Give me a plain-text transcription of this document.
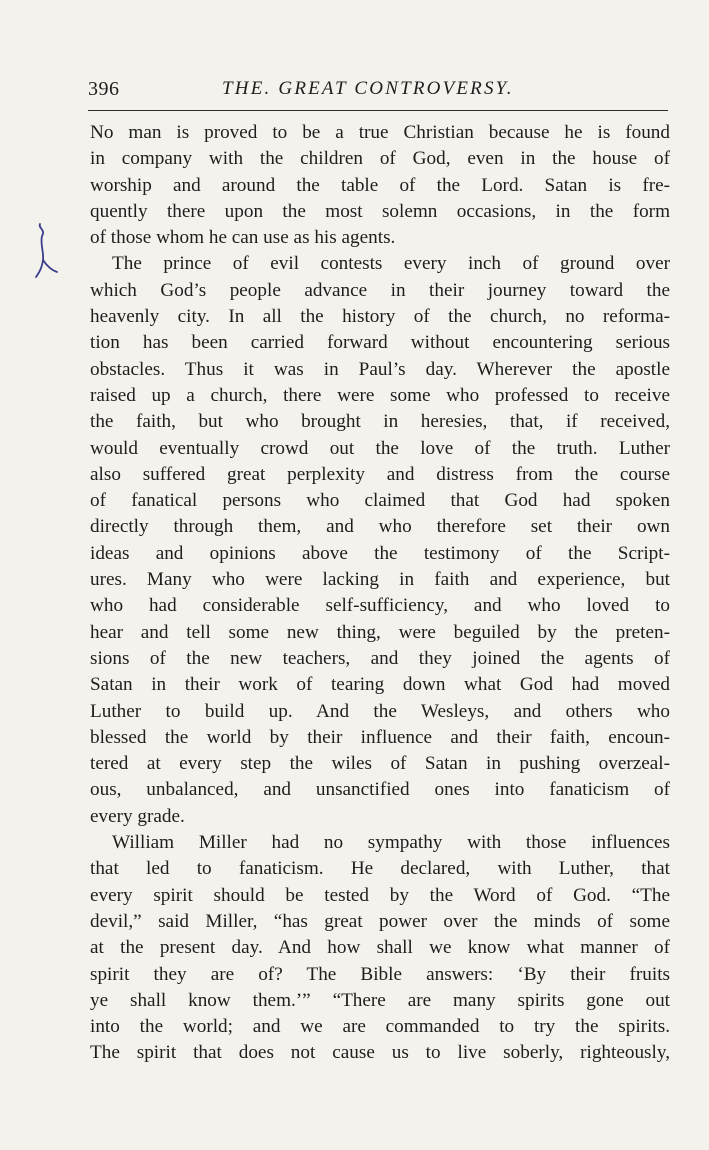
396	THE. GREAT CONTROVERSY.
No man is proved to be a true Christian because he is found
in company with the children of God, even in the house of
worship and around the table of the Lord. Satan is fre-
quently there upon the most solemn occasions, in the form
of those whom he can use as his agents.
The prince of evil contests every inch of ground over
which God’s people advance in their journey toward the
heavenly city. In all the history of the church, no reforma-
tion has been carried forward without encountering serious
obstacles. Thus it was in Paul’s day. Wherever the apostle
raised up a church, there were some who professed to receive
the faith, but who brought in heresies, that, if received,
would eventually crowd out the love of the truth. Luther
also suffered great perplexity and distress from the course
of fanatical persons who claimed that God had spoken
directly through them, and who therefore set their own
ideas and opinions above the testimony of the Script-
ures. Many who were lacking in faith and experience, but
who had considerable self-sufficiency, and who loved to
hear and tell some new thing, were beguiled by the preten-
sions of the new teachers, and they joined the agents of
Satan in their work of tearing down what God had moved
Luther to build up. And the Wesleys, and others who
blessed the world by their influence and their faith, encoun-
tered at every step the wiles of Satan in pushing overzeal-
ous, unbalanced, and unsanctified ones into fanaticism of
every grade.
William Miller had no sympathy with those influences
that led to fanaticism. He declared, with Luther, that
every spirit should be tested by the Word of God. “The
devil,” said Miller, “has great power over the minds of some
at the present day. And how shall we know what manner of
spirit they are of? The Bible answers: ‘By their fruits
ye shall know them.’” “There are many spirits gone out
into the world; and we are commanded to try the spirits.
The spirit that does not cause us to live soberly, righteously,
